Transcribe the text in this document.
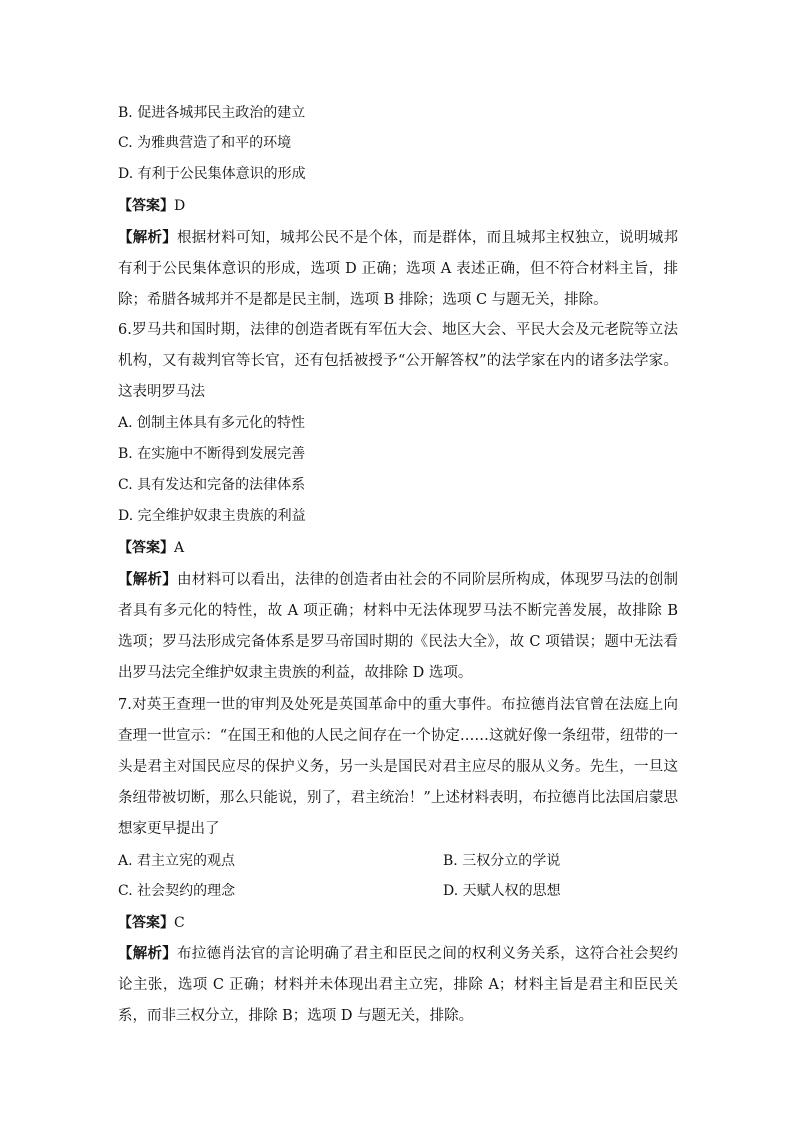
B. 促进各城邦民主政治的建立
C. 为雅典营造了和平的环境
D. 有利于公民集体意识的形成
【答案】D
【解析】根据材料可知，城邦公民不是个体，而是群体，而且城邦主权独立，说明城邦有利于公民集体意识的形成，选项 D 正确；选项 A 表述正确，但不符合材料主旨，排除；希腊各城邦并不是都是民主制，选项 B 排除；选项 C 与题无关，排除。
6.罗马共和国时期，法律的创造者既有军伍大会、地区大会、平民大会及元老院等立法机构，又有裁判官等长官，还有包括被授予“公开解答权”的法学家在内的诸多法学家。这表明罗马法
A. 创制主体具有多元化的特性
B. 在实施中不断得到发展完善
C. 具有发达和完备的法律体系
D. 完全维护奴隶主贵族的利益
【答案】A
【解析】由材料可以看出，法律的创造者由社会的不同阶层所构成，体现罗马法的创制者具有多元化的特性，故 A 项正确；材料中无法体现罗马法不断完善发展，故排除 B 选项；罗马法形成完备体系是罗马帝国时期的《民法大全》，故 C 项错误；题中无法看出罗马法完全维护奴隶主贵族的利益，故排除 D 选项。
7.对英王查理一世的审判及处死是英国革命中的重大事件。布拉德肖法官曾在法庭上向查理一世宣示：“在国王和他的人民之间存在一个协定……这就好像一条纽带，纽带的一头是君主对国民应尽的保护义务，另一头是国民对君主应尽的服从义务。先生，一旦这条纽带被切断，那么只能说，别了，君主统治！”上述材料表明，布拉德肖比法国启蒙思想家更早提出了
A. 君主立宪的观点	B. 三权分立的学说
C. 社会契约的理念	D. 天赋人权的思想
【答案】C
【解析】布拉德肖法官的言论明确了君主和臣民之间的权利义务关系，这符合社会契约论主张，选项 C 正确；材料并未体现出君主立宪，排除 A；材料主旨是君主和臣民关系，而非三权分立，排除 B；选项 D 与题无关，排除。
